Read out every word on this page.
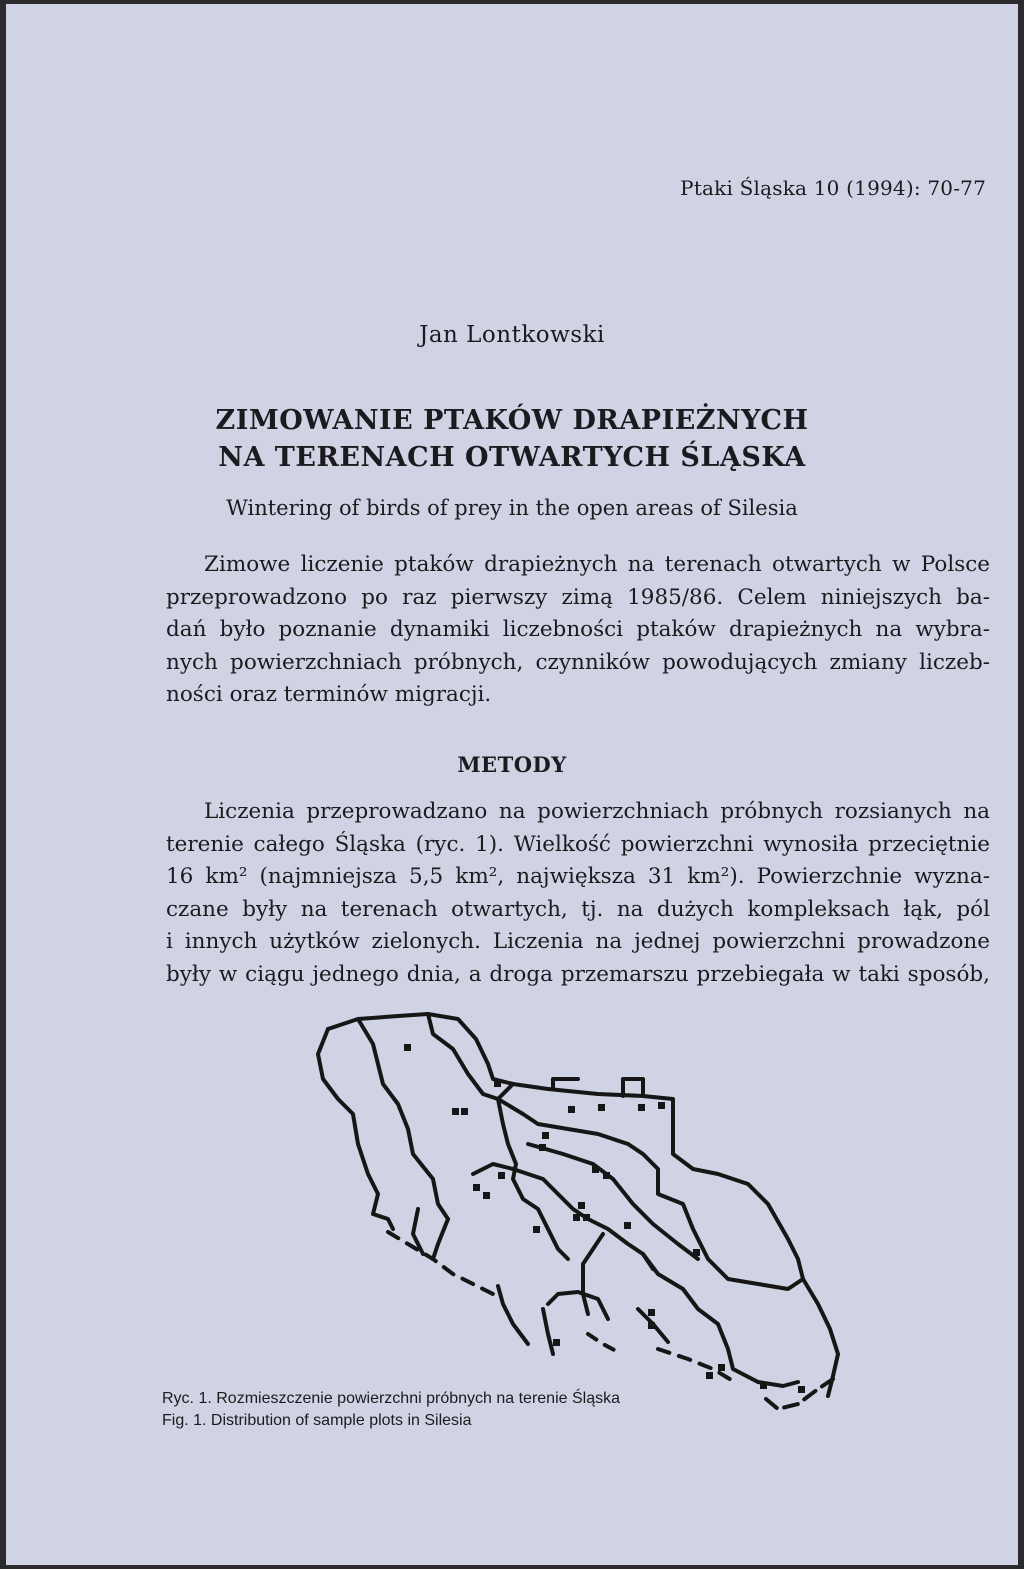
Ptaki Śląska 10 (1994): 70-77
Jan Lontkowski
ZIMOWANIE PTAKÓW DRAPIEŻNYCH
NA TERENACH OTWARTYCH ŚLĄSKA
Wintering of birds of prey in the open areas of Silesia
Zimowe liczenie ptaków drapieżnych na terenach otwartych w Polsce
przeprowadzono po raz pierwszy zimą 1985/86. Celem niniejszych ba-
dań było poznanie dynamiki liczebności ptaków drapieżnych na wybra-
nych powierzchniach próbnych, czynników powodujących zmiany liczeb-
ności oraz terminów migracji.
METODY
Liczenia przeprowadzano na powierzchniach próbnych rozsianych na
terenie całego Śląska (ryc. 1). Wielkość powierzchni wynosiła przeciętnie
16 km² (najmniejsza 5,5 km², największa 31 km²). Powierzchnie wyzna-
czane były na terenach otwartych, tj. na dużych kompleksach łąk, pól
i innych użytków zielonych. Liczenia na jednej powierzchni prowadzone
były w ciągu jednego dnia, a droga przemarszu przebiegała w taki sposób,
Ryc. 1. Rozmieszczenie powierzchni próbnych na terenie Śląska
Fig. 1. Distribution of sample plots in Silesia
